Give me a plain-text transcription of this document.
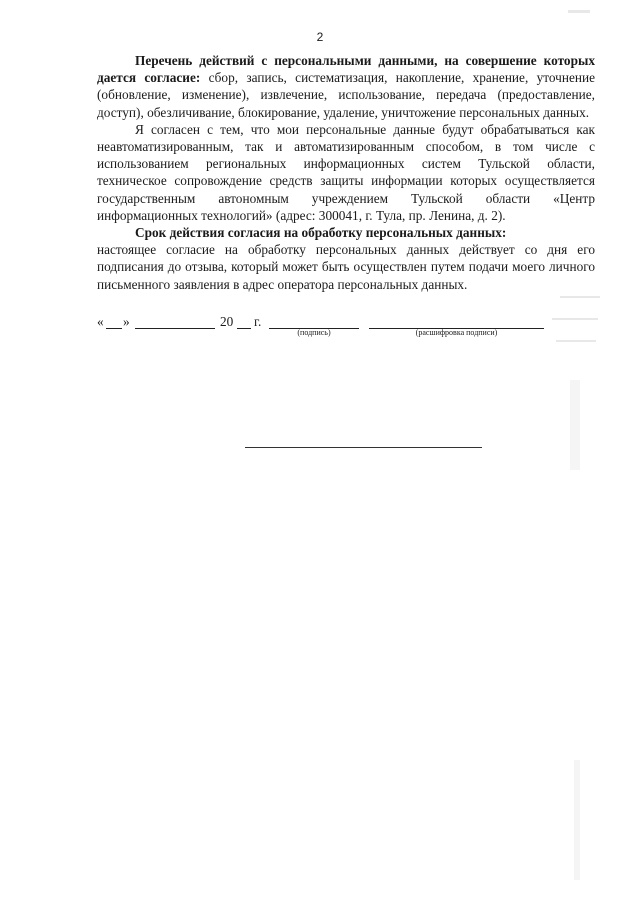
2

Перечень действий с персональными данными, на совершение которых дается согласие: сбор, запись, систематизация, накопление, хранение, уточнение (обновление, изменение), извлечение, использование, передача (предоставление, доступ), обезличивание, блокирование, удаление, уничтожение персональных данных.

Я согласен с тем, что мои персональные данные будут обрабатываться как неавтоматизированным, так и автоматизированным способом, в том числе с использованием региональных информационных систем Тульской области, техническое сопровождение средств защиты информации которых осуществляется государственным автономным учреждением Тульской области «Центр информационных технологий» (адрес: 300041, г. Тула, пр. Ленина, д. 2).

Срок действия согласия на обработку персональных данных:

настоящее согласие на обработку персональных данных действует со дня его подписания до отзыва, который может быть осуществлен путем подачи моего личного письменного заявления в адрес оператора персональных данных.

« »	20 г.
(подпись)	(расшифровка подписи)
